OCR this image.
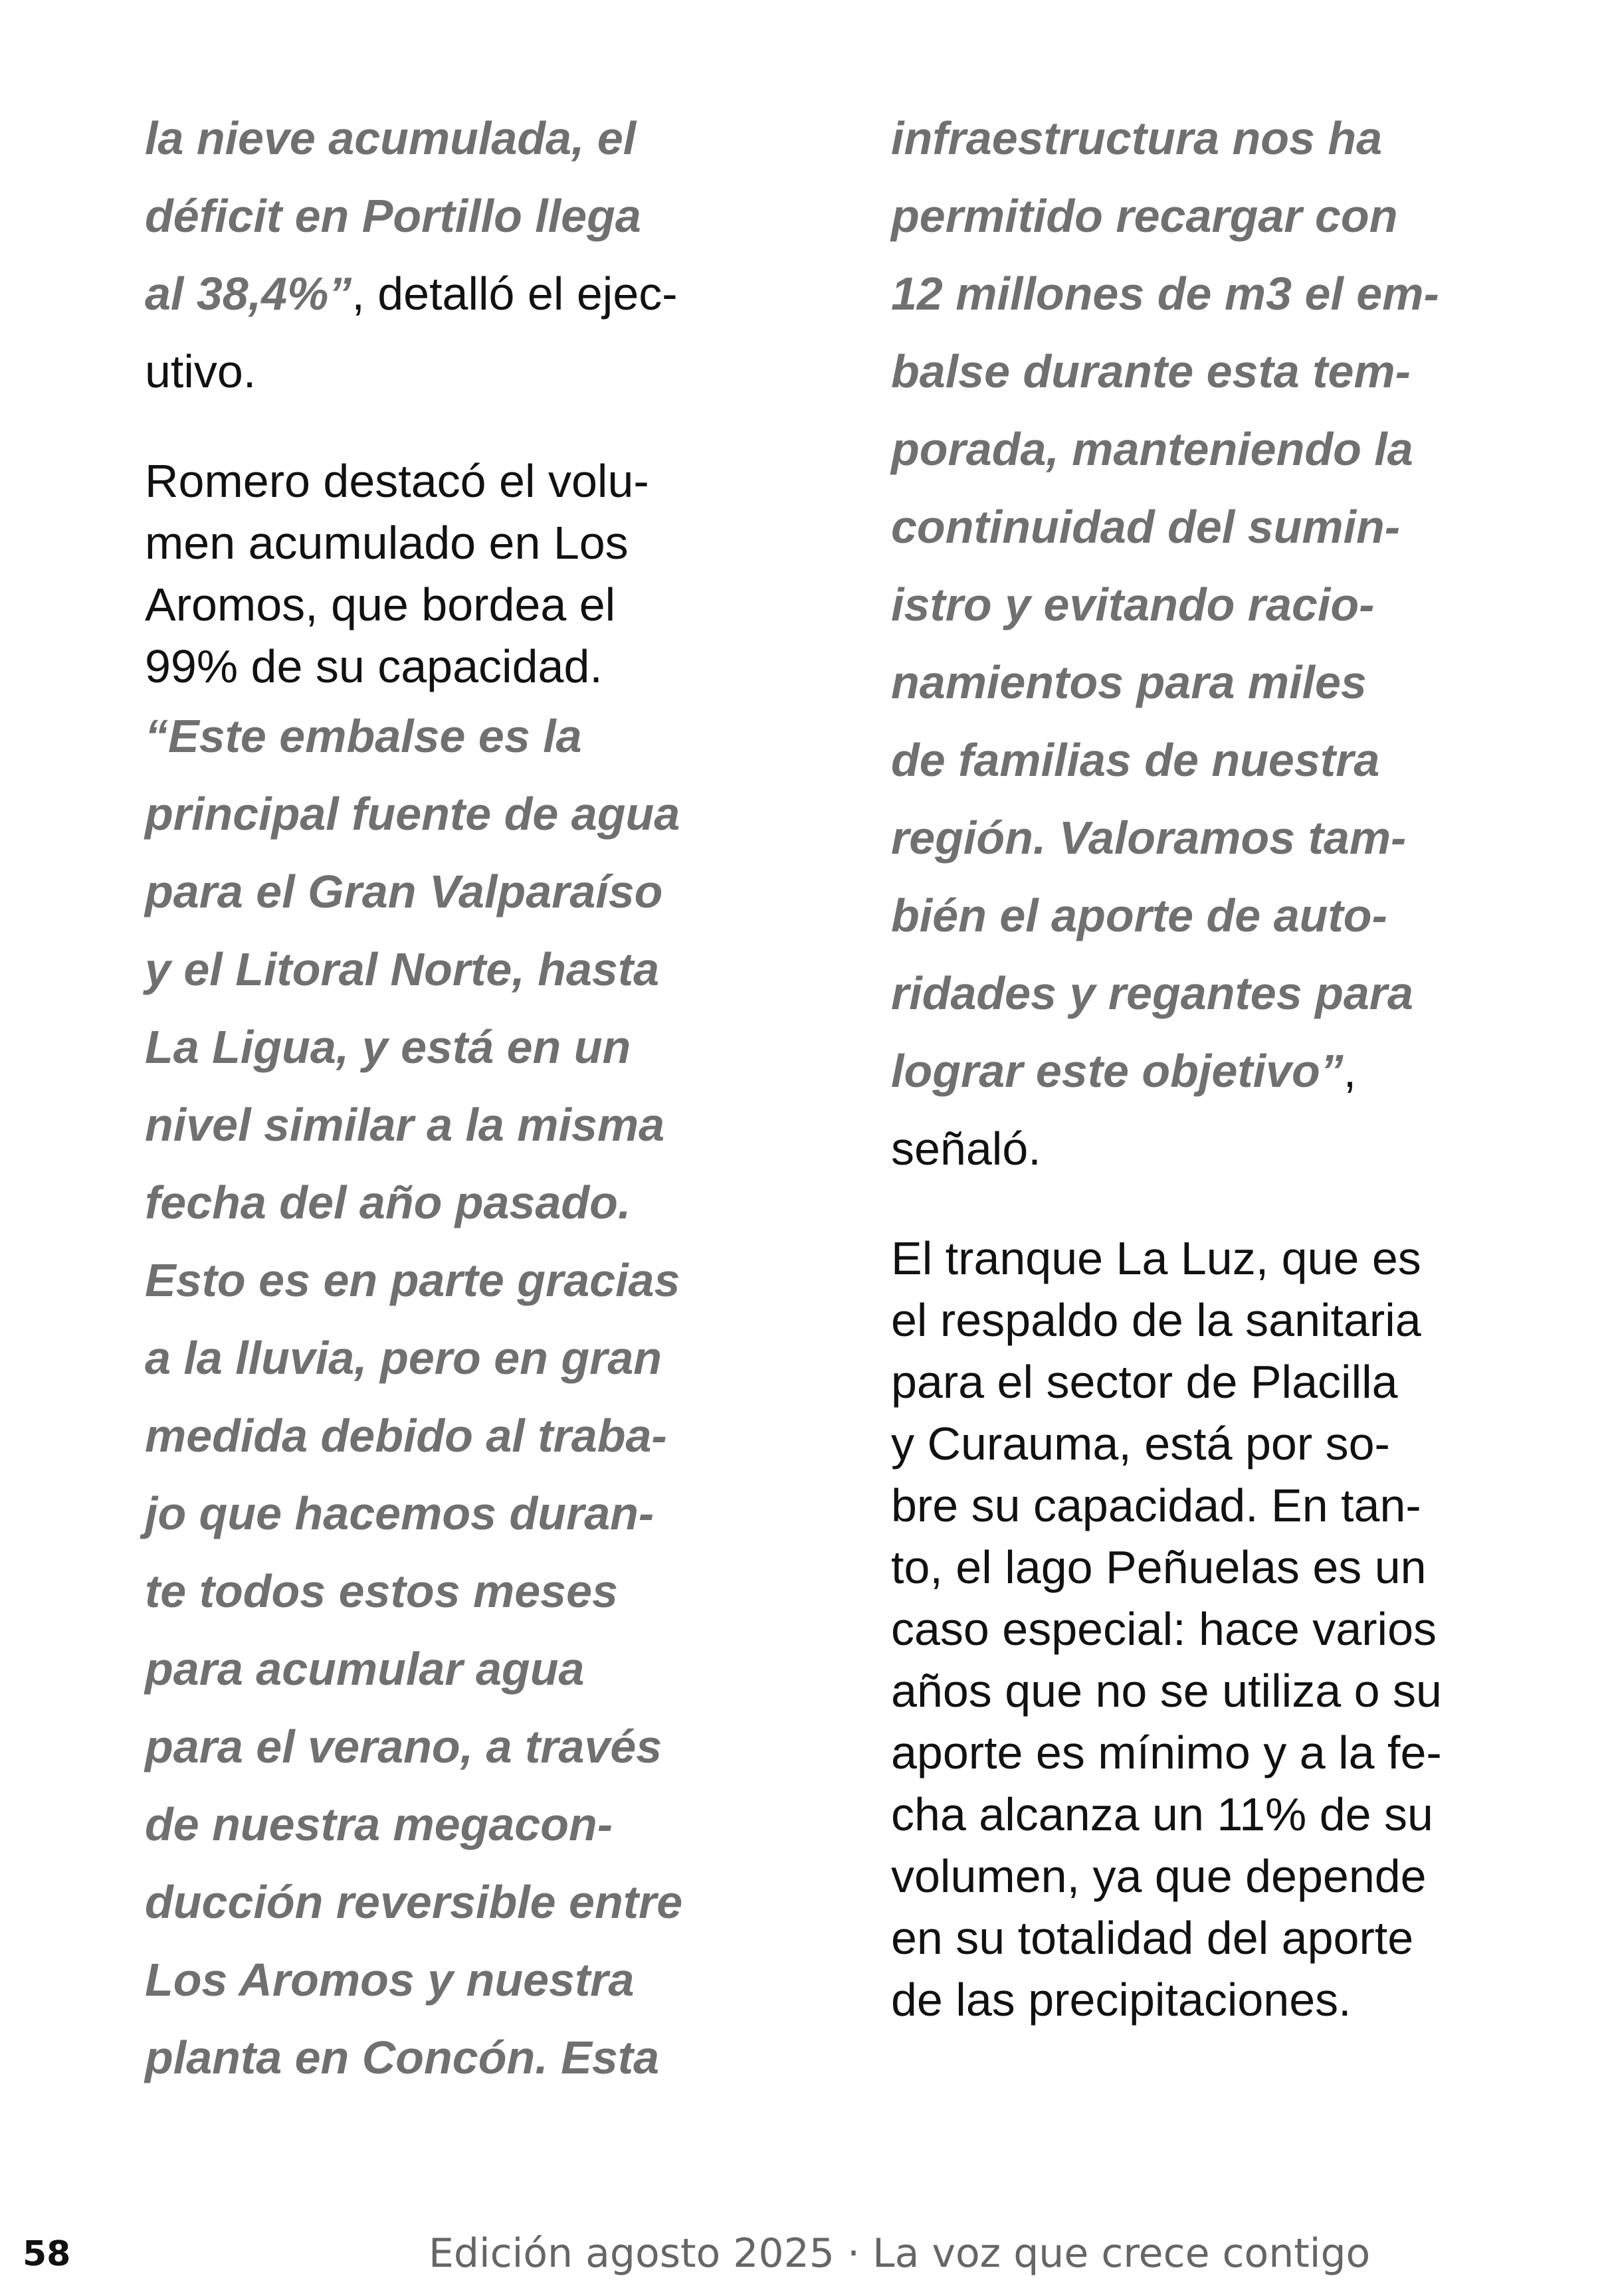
la nieve acumulada, el

déficit en Portillo llega

al 38,4%”, detalló el ejec-

utivo.

Romero destacó el volu-

men acumulado en Los

Aromos, que bordea el

99% de su capacidad.

“Este embalse es la

principal fuente de agua

para el Gran Valparaíso

y el Litoral Norte, hasta

La Ligua, y está en un

nivel similar a la misma

fecha del año pasado.

Esto es en parte gracias

a la lluvia, pero en gran

medida debido al traba-

jo que hacemos duran-

te todos estos meses

para acumular agua

para el verano, a través

de nuestra megacon-

ducción reversible entre

Los Aromos y nuestra

planta en Concón. Esta

infraestructura nos ha

permitido recargar con

12 millones de m3 el em-

balse durante esta tem-

porada, manteniendo la

continuidad del sumin-

istro y evitando racio-

namientos para miles

de familias de nuestra

región. Valoramos tam-

bién el aporte de auto-

ridades y regantes para

lograr este objetivo”,

señaló.

El tranque La Luz, que es

el respaldo de la sanitaria

para el sector de Placilla

y Curauma, está por so-

bre su capacidad. En tan-

to, el lago Peñuelas es un

caso especial: hace varios

años que no se utiliza o su

aporte es mínimo y a la fe-

cha alcanza un 11% de su

volumen, ya que depende

en su totalidad del aporte

de las precipitaciones.

58	Edición agosto 2025 · La voz que crece contigo
